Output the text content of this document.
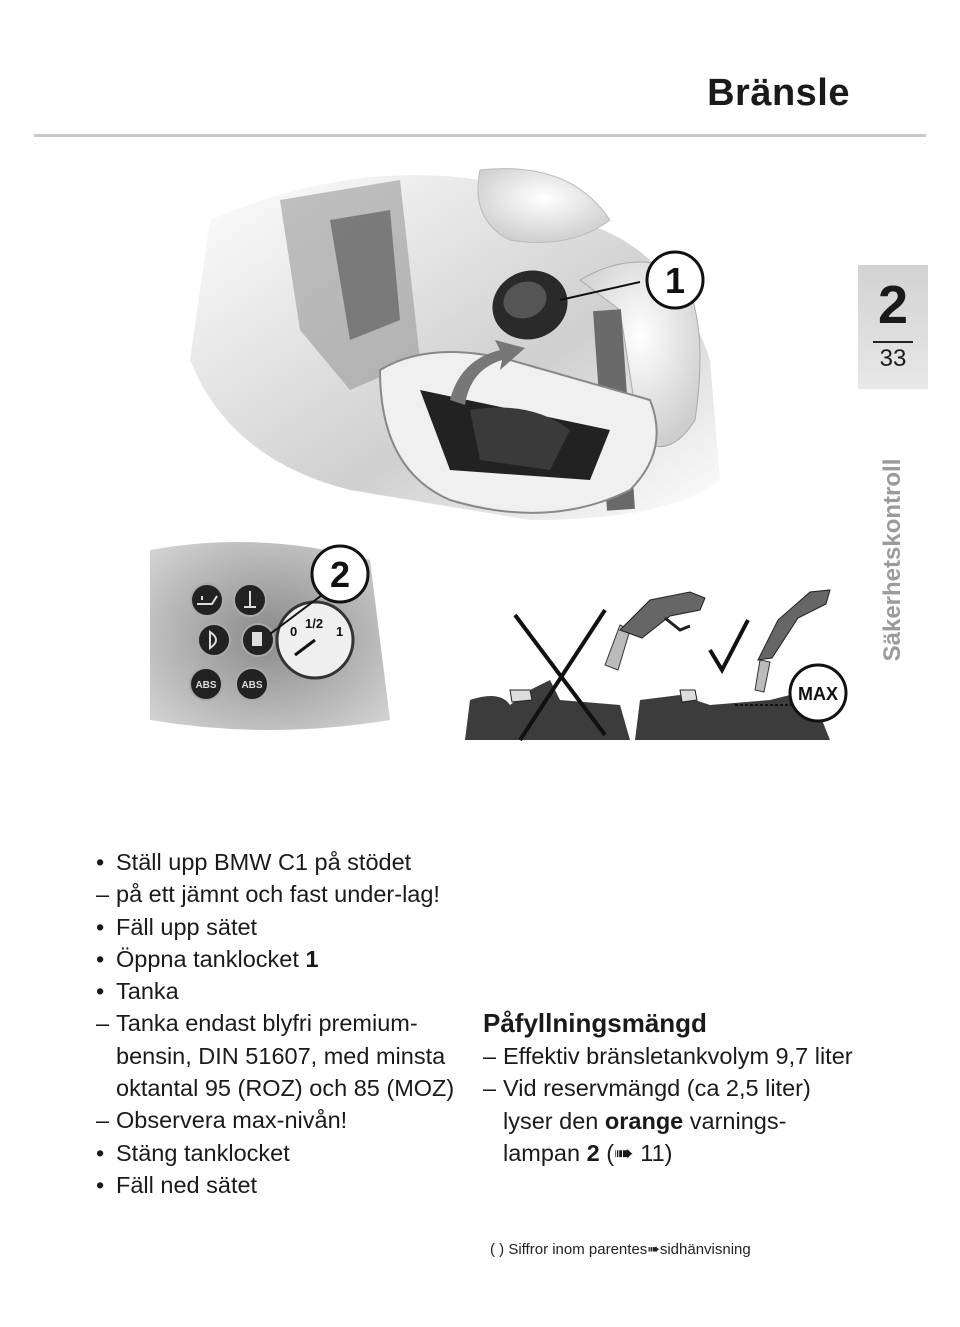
Bränsle
2
33
Säkerhetskontroll
1
ABS ABS
0
1/2
1
2
MAX
• Ställ upp BMW C1 på stödet
– på ett jämnt och fast under-lag!
• Fäll upp sätet
• Öppna tanklocket 1
• Tanka
– Tanka endast blyfri premium-bensin, DIN 51607, med minsta oktantal 95 (ROZ) och 85 (MOZ)
– Observera max-nivån!
• Stäng tanklocket
• Fäll ned sätet
Påfyllningsmängd
– Effektiv bränsletankvolym 9,7 liter
– Vid reservmängd (ca 2,5 liter) lyser den orange varnings-lampan 2 (➠ 11)
( ) Siffror inom parentes➠sidhänvisning
